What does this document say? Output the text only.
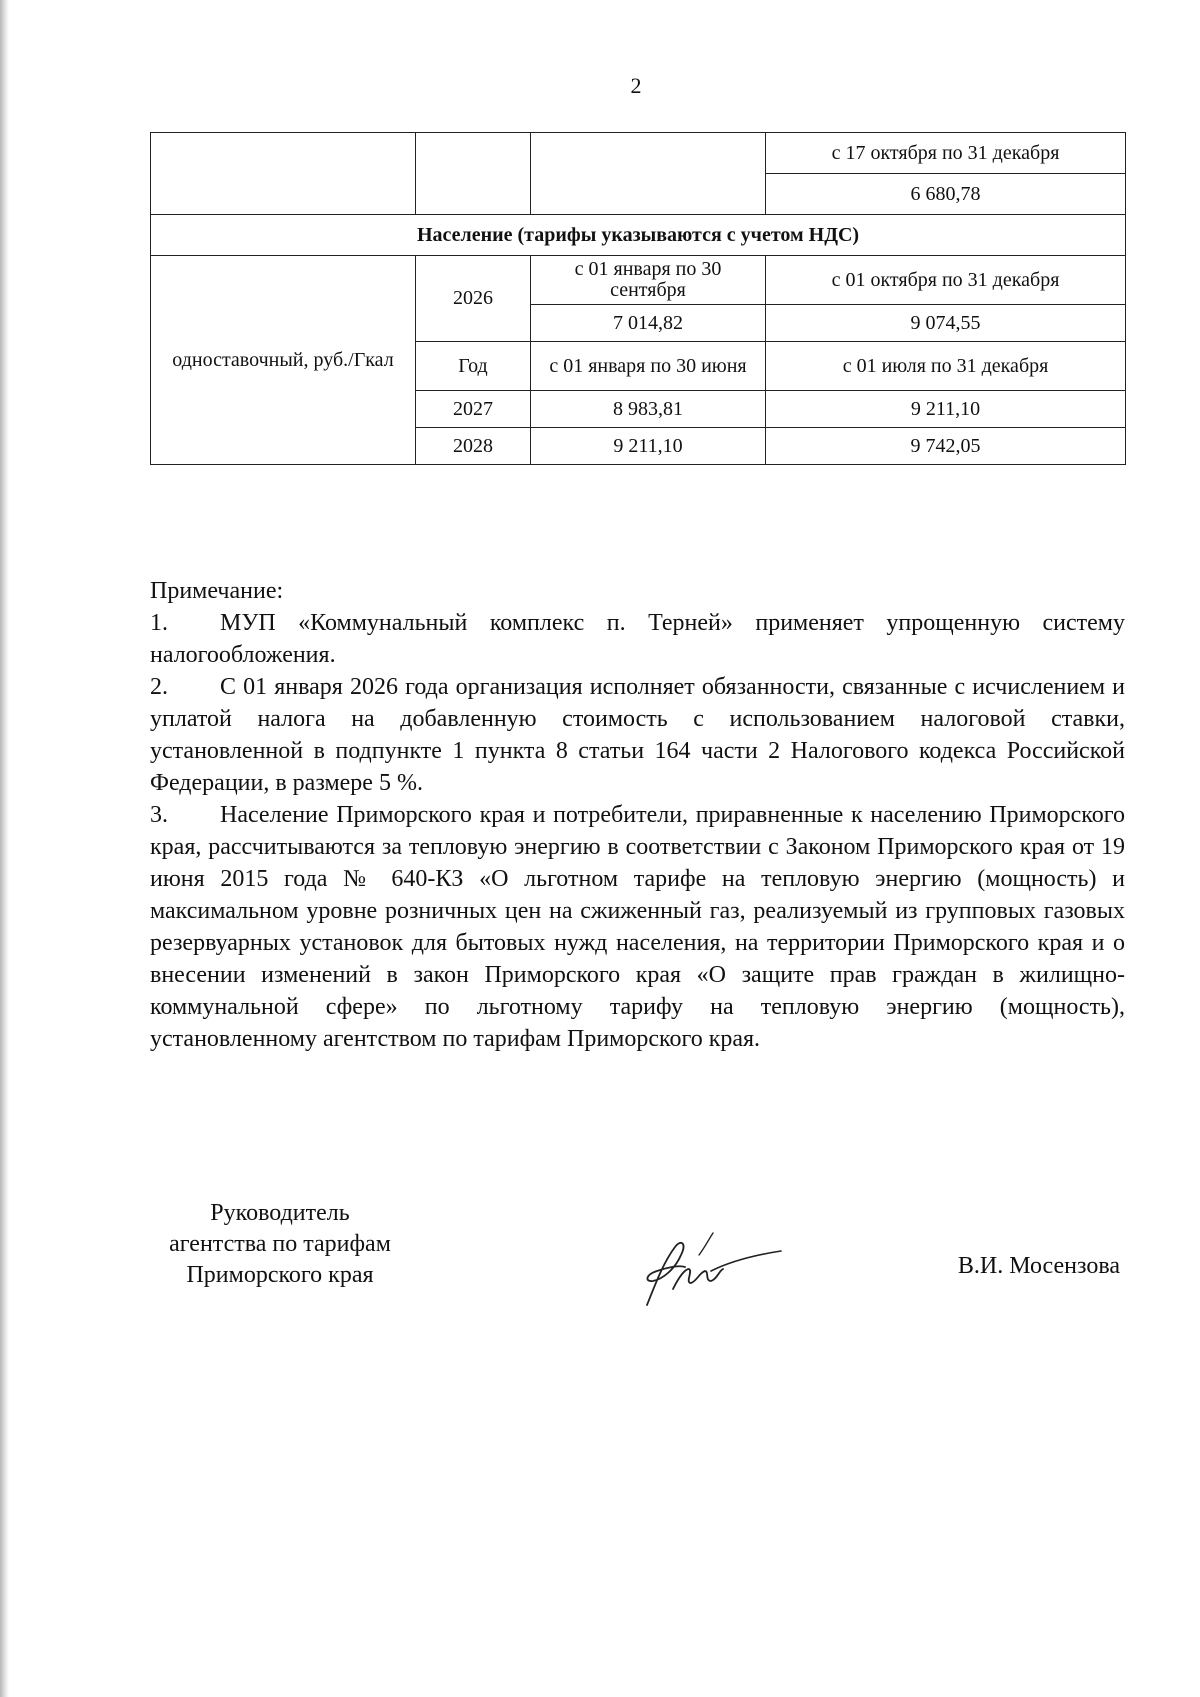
2
			с 17 октября по 31 декабря
			6 680,78
Население (тарифы указываются с учетом НДС)			
одноставочный, руб./Гкал	2026	с 01 января по 30 сентября	с 01 октября по 31 декабря
		7 014,82	9 074,55
	Год	с 01 января по 30 июня	с 01 июля по 31 декабря
	2027	8 983,81	9 211,10
	2028	9 211,10	9 742,05
Примечание:

1. МУП «Коммунальный комплекс п. Терней» применяет упрощенную систему налогообложения.

2. С 01 января 2026 года организация исполняет обязанности, связанные с исчислением и уплатой налога на добавленную стоимость с использованием налоговой ставки, установленной в подпункте 1 пункта 8 статьи 164 части 2 Налогового кодекса Российской Федерации, в размере 5 %.

3. Население Приморского края и потребители, приравненные к населению Приморского края, рассчитываются за тепловую энергию в соответствии с Законом Приморского края от 19 июня 2015 года № 640-КЗ «О льготном тарифе на тепловую энергию (мощность) и максимальном уровне розничных цен на сжиженный газ, реализуемый из групповых газовых резервуарных установок для бытовых нужд населения, на территории Приморского края и о внесении изменений в закон Приморского края «О защите прав граждан в жилищно-коммунальной сфере» по льготному тарифу на тепловую энергию (мощность), установленному агентством по тарифам Приморского края.

Руководитель
агентства по тарифам
Приморского края	В.И. Мосензова
